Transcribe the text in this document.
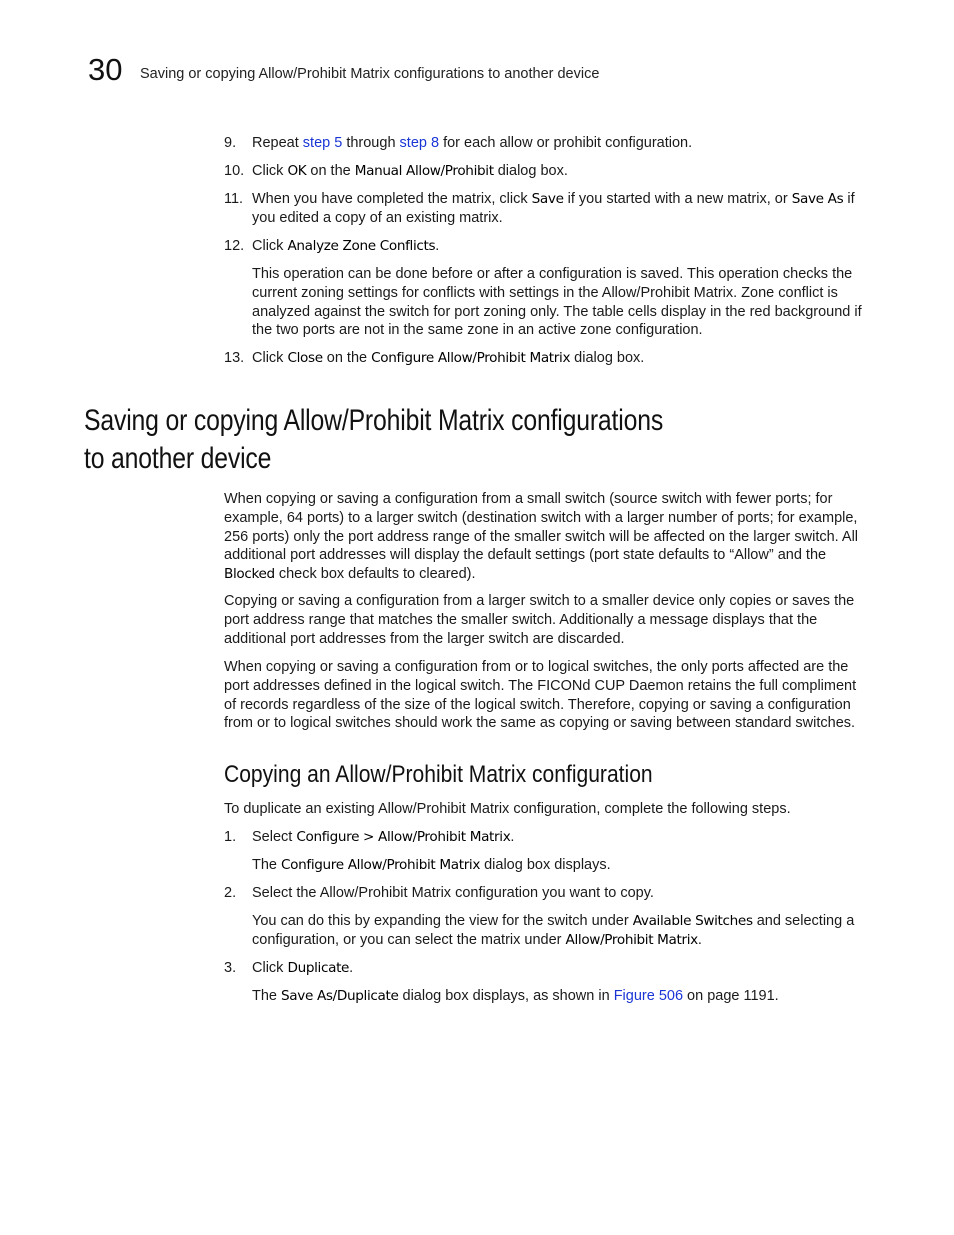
30 Saving or copying Allow/Prohibit Matrix configurations to another device
9. Repeat step 5 through step 8 for each allow or prohibit configuration.
10. Click OK on the Manual Allow/Prohibit dialog box.
11. When you have completed the matrix, click Save if you started with a new matrix, or Save As if you edited a copy of an existing matrix.
12. Click Analyze Zone Conflicts.
This operation can be done before or after a configuration is saved. This operation checks the current zoning settings for conflicts with settings in the Allow/Prohibit Matrix. Zone conflict is analyzed against the switch for port zoning only. The table cells display in the red background if the two ports are not in the same zone in an active zone configuration.
13. Click Close on the Configure Allow/Prohibit Matrix dialog box.
Saving or copying Allow/Prohibit Matrix configurations to another device
When copying or saving a configuration from a small switch (source switch with fewer ports; for example, 64 ports) to a larger switch (destination switch with a larger number of ports; for example, 256 ports) only the port address range of the smaller switch will be affected on the larger switch. All additional port addresses will display the default settings (port state defaults to “Allow” and the Blocked check box defaults to cleared).
Copying or saving a configuration from a larger switch to a smaller device only copies or saves the port address range that matches the smaller switch. Additionally a message displays that the additional port addresses from the larger switch are discarded.
When copying or saving a configuration from or to logical switches, the only ports affected are the port addresses defined in the logical switch. The FICONd CUP Daemon retains the full compliment of records regardless of the size of the logical switch. Therefore, copying or saving a configuration from or to logical switches should work the same as copying or saving between standard switches.
Copying an Allow/Prohibit Matrix configuration
To duplicate an existing Allow/Prohibit Matrix configuration, complete the following steps.
1. Select Configure > Allow/Prohibit Matrix.
The Configure Allow/Prohibit Matrix dialog box displays.
2. Select the Allow/Prohibit Matrix configuration you want to copy.
You can do this by expanding the view for the switch under Available Switches and selecting a configuration, or you can select the matrix under Allow/Prohibit Matrix.
3. Click Duplicate.
The Save As/Duplicate dialog box displays, as shown in Figure 506 on page 1191.
